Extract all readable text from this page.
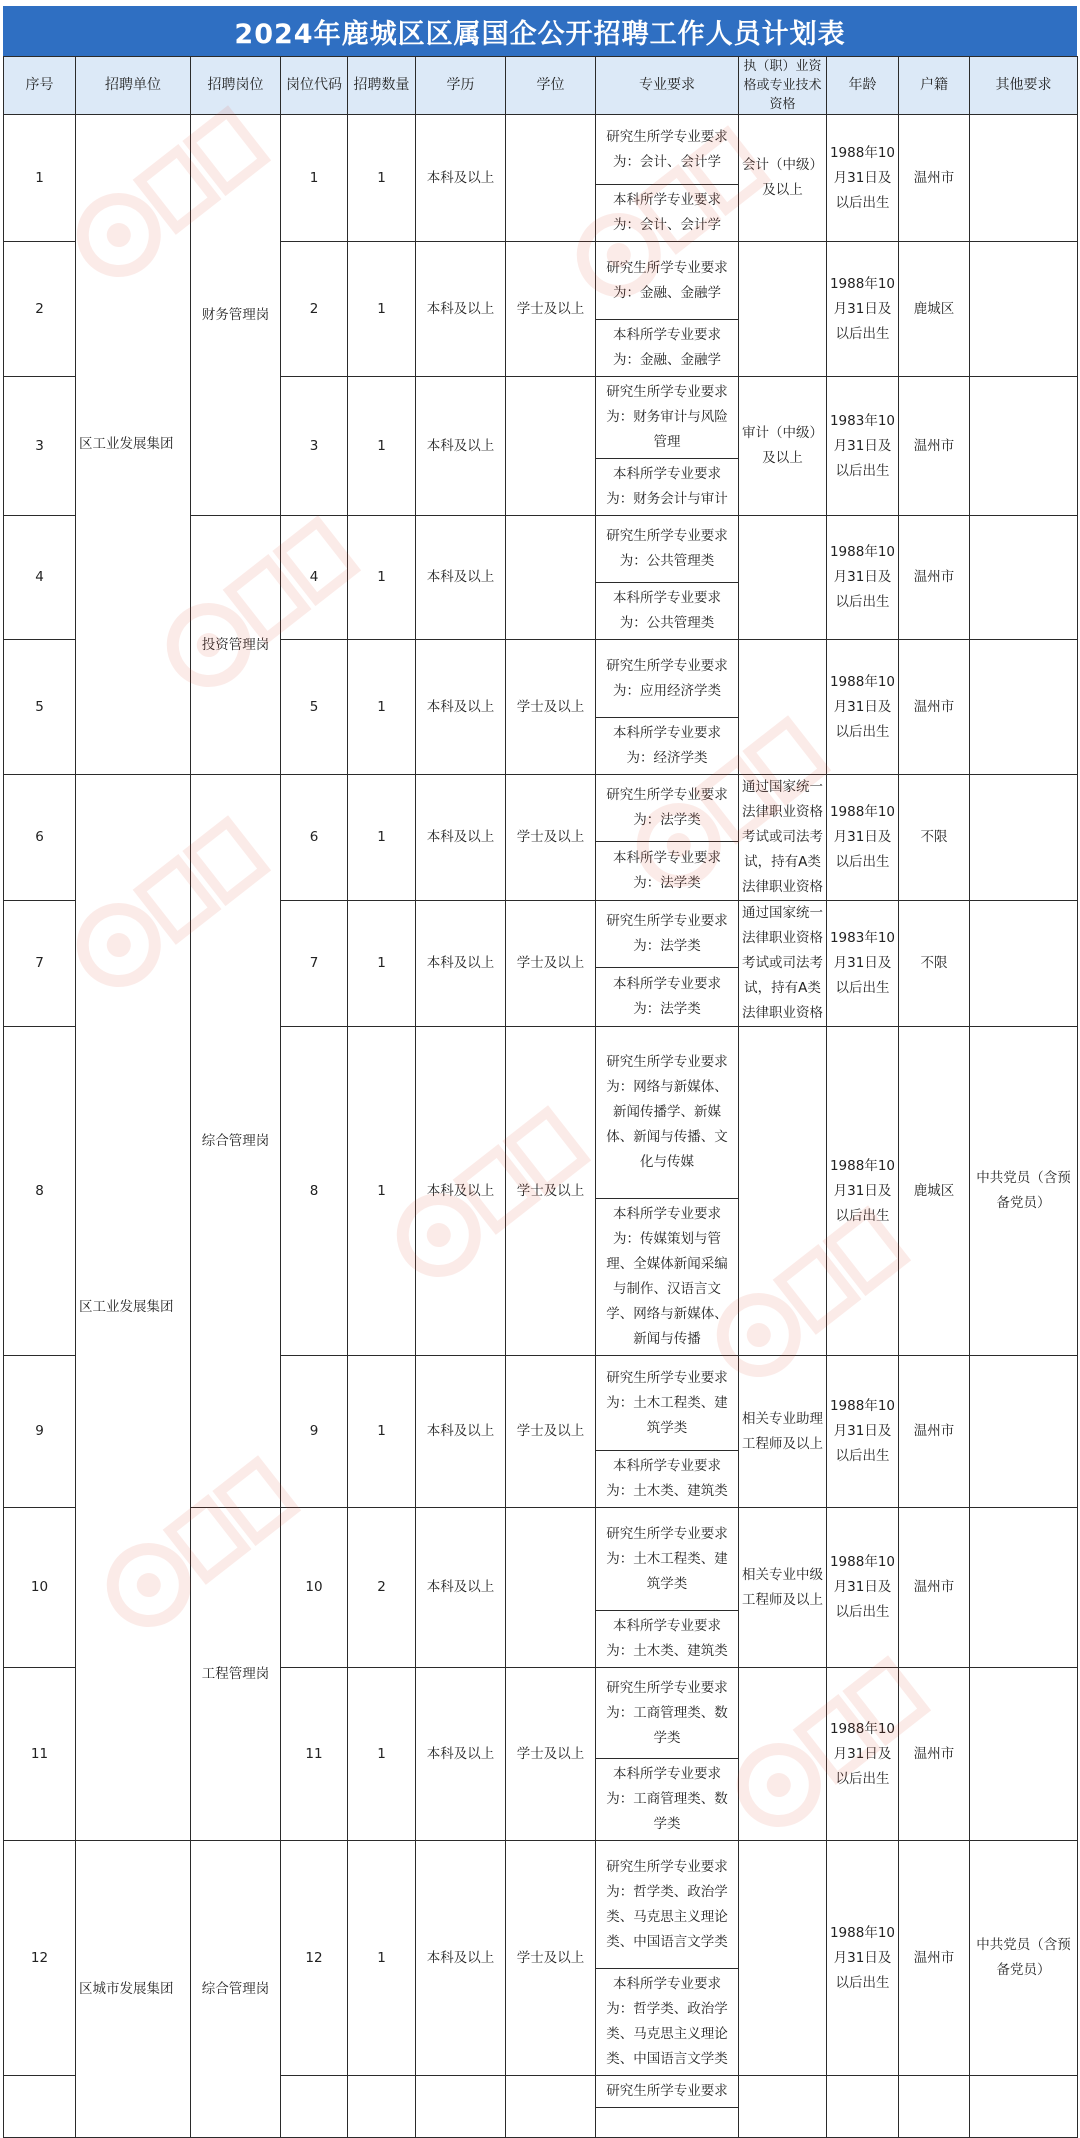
2024年鹿城区区属国企公开招聘工作人员计划表
序号	招聘单位	招聘岗位	岗位代码	招聘数量	学历	学位	专业要求	执（职）业资格或专业技术资格	年龄	户籍	其他要求
1	区工业发展集团	财务管理岗	1	1	本科及以上		研究生所学专业要求为：会计、会计学	会计（中级）及以上	1988年10月31日及以后出生	温州市	
							本科所学专业要求为：会计、会计学				
2			2	1	本科及以上	学士及以上	研究生所学专业要求为：金融、金融学		1988年10月31日及以后出生	鹿城区	
							本科所学专业要求为：金融、金融学				
3			3	1	本科及以上		研究生所学专业要求为：财务审计与风险管理	审计（中级）及以上	1983年10月31日及以后出生	温州市	
							本科所学专业要求为：财务会计与审计				
4		投资管理岗	4	1	本科及以上		研究生所学专业要求为：公共管理类		1988年10月31日及以后出生	温州市	
							本科所学专业要求为：公共管理类				
5			5	1	本科及以上	学士及以上	研究生所学专业要求为：应用经济学类		1988年10月31日及以后出生	温州市	
							本科所学专业要求为：经济学类				
6	区工业发展集团	综合管理岗	6	1	本科及以上	学士及以上	研究生所学专业要求为：法学类	通过国家统一法律职业资格考试或司法考试，持有A类法律职业资格	1988年10月31日及以后出生	不限	
							本科所学专业要求为：法学类				
7			7	1	本科及以上	学士及以上	研究生所学专业要求为：法学类	通过国家统一法律职业资格考试或司法考试，持有A类法律职业资格	1983年10月31日及以后出生	不限	
							本科所学专业要求为：法学类				
8			8	1	本科及以上	学士及以上	研究生所学专业要求为：网络与新媒体、新闻传播学、新媒体、新闻与传播、文化与传媒		1988年10月31日及以后出生	鹿城区	中共党员（含预备党员）
							本科所学专业要求为：传媒策划与管理、全媒体新闻采编与制作、汉语言文学、网络与新媒体、新闻与传播				
9			9	1	本科及以上	学士及以上	研究生所学专业要求为：土木工程类、建筑学类	相关专业助理工程师及以上	1988年10月31日及以后出生	温州市	
							本科所学专业要求为：土木类、建筑类				
10		工程管理岗	10	2	本科及以上		研究生所学专业要求为：土木工程类、建筑学类	相关专业中级工程师及以上	1988年10月31日及以后出生	温州市	
							本科所学专业要求为：土木类、建筑类				
11			11	1	本科及以上	学士及以上	研究生所学专业要求为：工商管理类、数学类		1988年10月31日及以后出生	温州市	
							本科所学专业要求为：工商管理类、数学类				
12	区城市发展集团	综合管理岗	12	1	本科及以上	学士及以上	研究生所学专业要求为：哲学类、政治学类、马克思主义理论类、中国语言文学类		1988年10月31日及以后出生	温州市	中共党员（含预备党员）
							本科所学专业要求为：哲学类、政治学类、马克思主义理论类、中国语言文学类				
							研究生所学专业要求				
